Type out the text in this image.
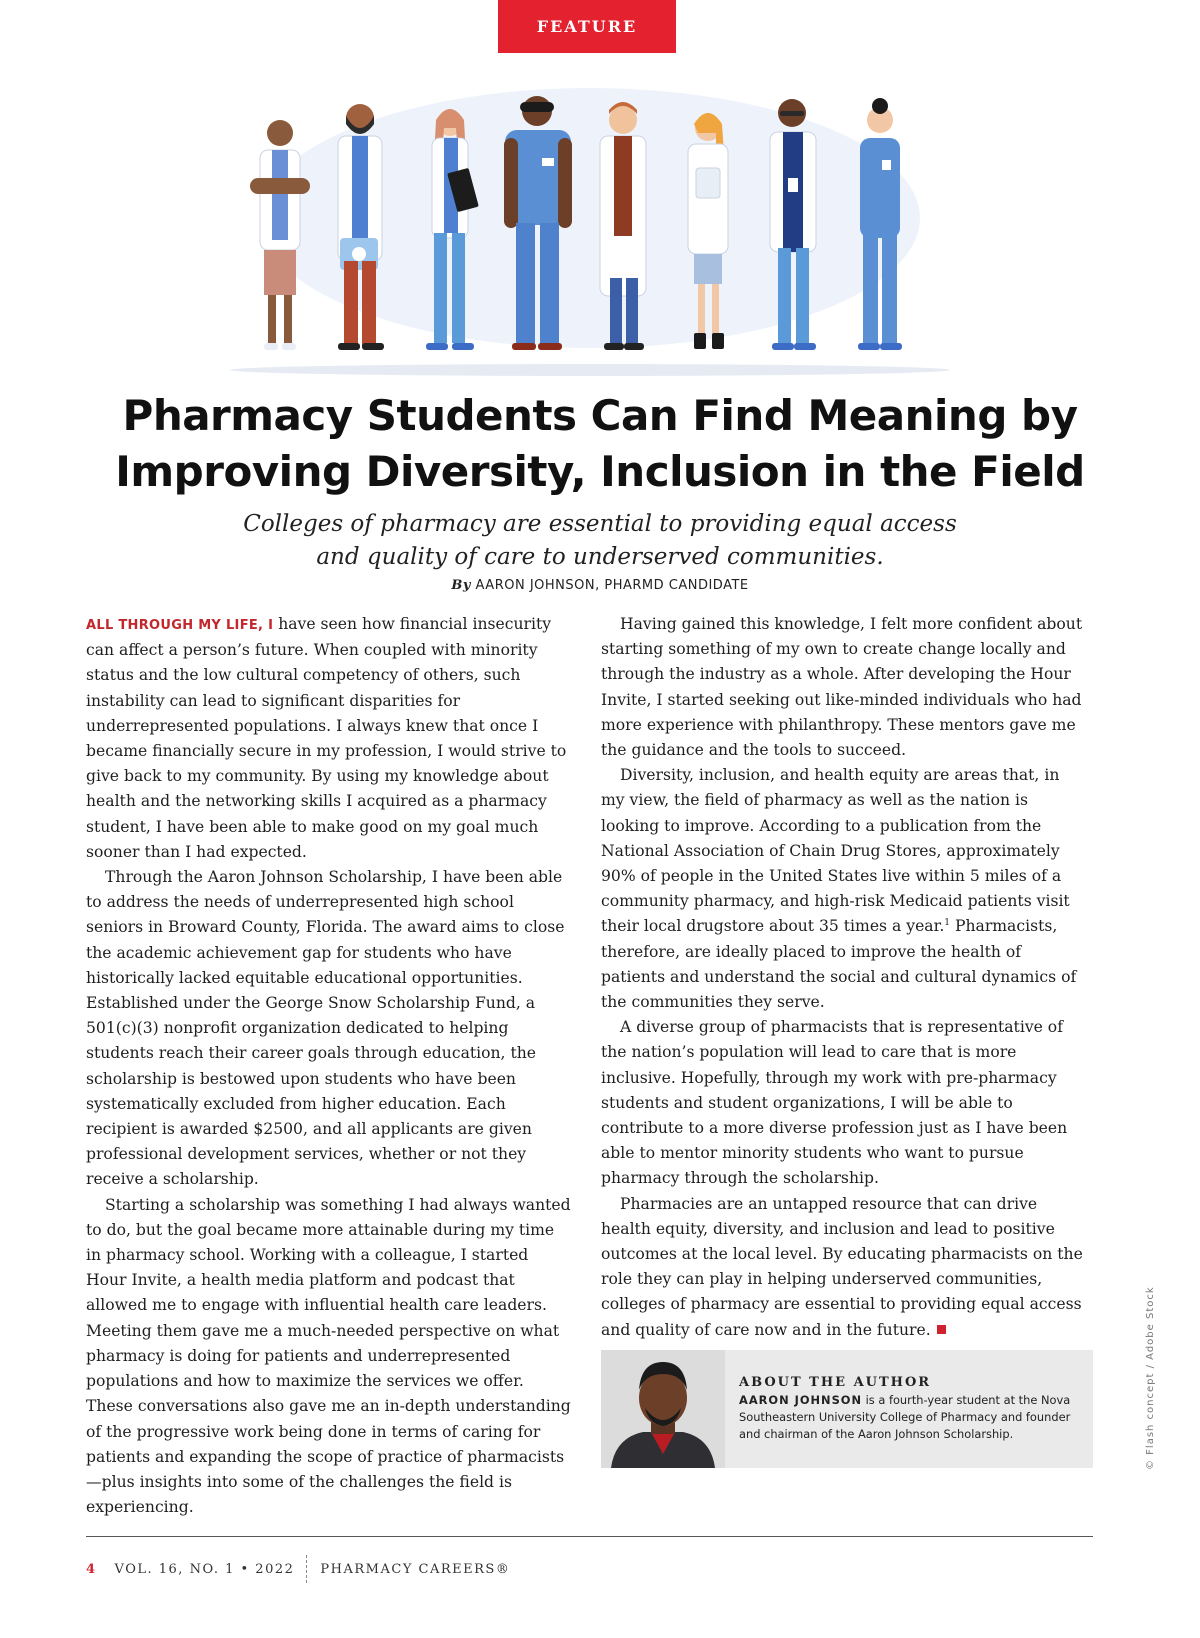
FEATURE
Pharmacy Students Can Find Meaning by
Improving Diversity, Inclusion in the Field
Colleges of pharmacy are essential to providing equal access
and quality of care to underserved communities.
By AARON JOHNSON, PHARMD CANDIDATE

ALL THROUGH MY LIFE, I have seen how financial insecurity can affect a person’s future. When coupled with minority status and the low cultural competency of others, such instability can lead to significant disparities for underrepresented populations. I always knew that once I became financially secure in my profession, I would strive to give back to my community. By using my knowledge about health and the networking skills I acquired as a pharmacy student, I have been able to make good on my goal much sooner than I had expected.

Through the Aaron Johnson Scholarship, I have been able to address the needs of underrepresented high school seniors in Broward County, Florida. The award aims to close the academic achievement gap for students who have historically lacked equitable educational opportunities. Established under the George Snow Scholarship Fund, a 501(c)(3) nonprofit organization dedicated to helping students reach their career goals through education, the scholarship is bestowed upon students who have been systematically excluded from higher education. Each recipient is awarded $2500, and all applicants are given professional development services, whether or not they receive a scholarship.

Starting a scholarship was something I had always wanted to do, but the goal became more attainable during my time in pharmacy school. Working with a colleague, I started Hour Invite, a health media platform and podcast that allowed me to engage with influential health care leaders. Meeting them gave me a much-needed perspective on what pharmacy is doing for patients and underrepresented populations and how to maximize the services we offer. These conversations also gave me an in-depth understanding of the progressive work being done in terms of caring for patients and expanding the scope of practice of pharmacists—plus insights into some of the challenges the field is experiencing.

Having gained this knowledge, I felt more confident about starting something of my own to create change locally and through the industry as a whole. After developing the Hour Invite, I started seeking out like-minded individuals who had more experience with philanthropy. These mentors gave me the guidance and the tools to succeed.

Diversity, inclusion, and health equity are areas that, in my view, the field of pharmacy as well as the nation is looking to improve. According to a publication from the National Association of Chain Drug Stores, approximately 90% of people in the United States live within 5 miles of a community pharmacy, and high-risk Medicaid patients visit their local drugstore about 35 times a year.$^1$ Pharmacists, therefore, are ideally placed to improve the health of patients and understand the social and cultural dynamics of the communities they serve.

A diverse group of pharmacists that is representative of the nation’s population will lead to care that is more inclusive. Hopefully, through my work with pre-pharmacy students and student organizations, I will be able to contribute to a more diverse profession just as I have been able to mentor minority students who want to pursue pharmacy through the scholarship.

Pharmacies are an untapped resource that can drive health equity, diversity, and inclusion and lead to positive outcomes at the local level. By educating pharmacists on the role they can play in helping underserved communities, colleges of pharmacy are essential to providing equal access and quality of care now and in the future.

ABOUT THE AUTHOR
AARON JOHNSON is a fourth-year student at the Nova Southeastern University College of Pharmacy and founder and chairman of the Aaron Johnson Scholarship.	© Flash concept / Adobe Stock
4 VOL. 16, NO. 1 • 2022 PHARMACY CAREERS®
